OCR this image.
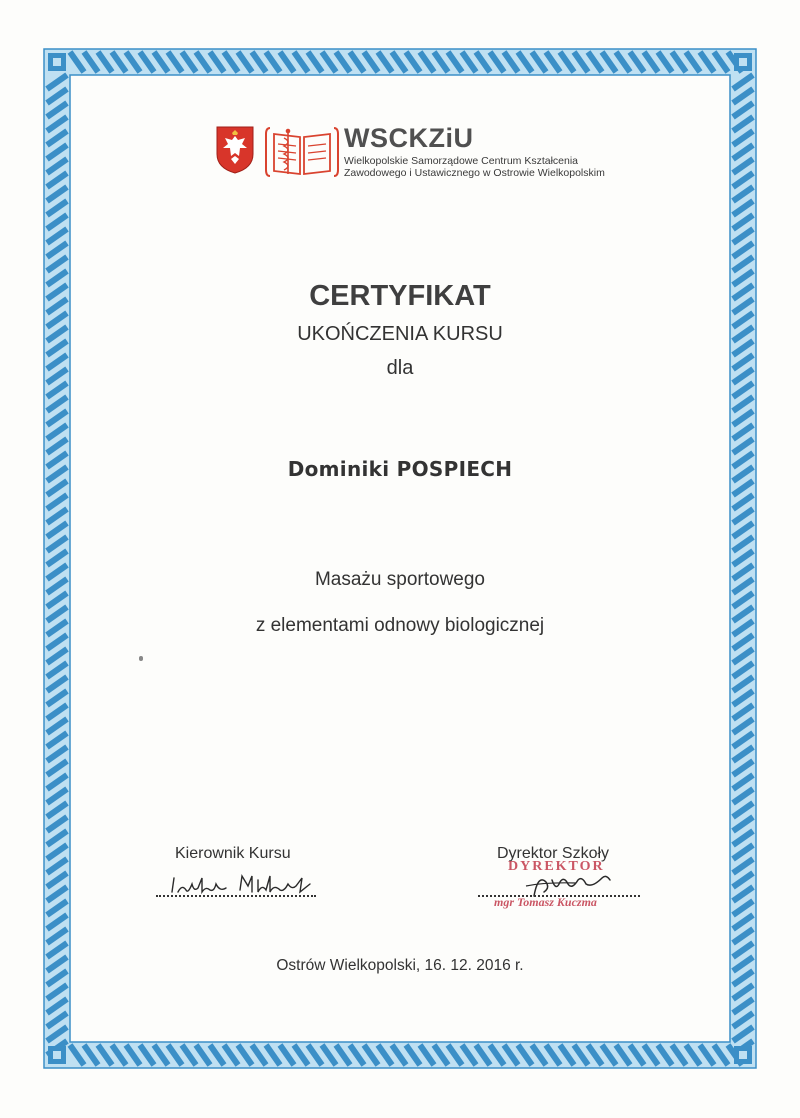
WSCKZiU
Wielkopolskie Samorządowe Centrum Kształcenia
Zawodowego i Ustawicznego w Ostrowie Wielkopolskim
CERTYFIKAT
UKOŃCZENIA KURSU
dla
Dominiki POSPIECH
Masażu sportowego
z elementami odnowy biologicznej
Kierownik Kursu	Dyrektor Szkoły
DYREKTOR
mgr Tomasz Kuczma
Ostrów Wielkopolski, 16. 12. 2016 r.
